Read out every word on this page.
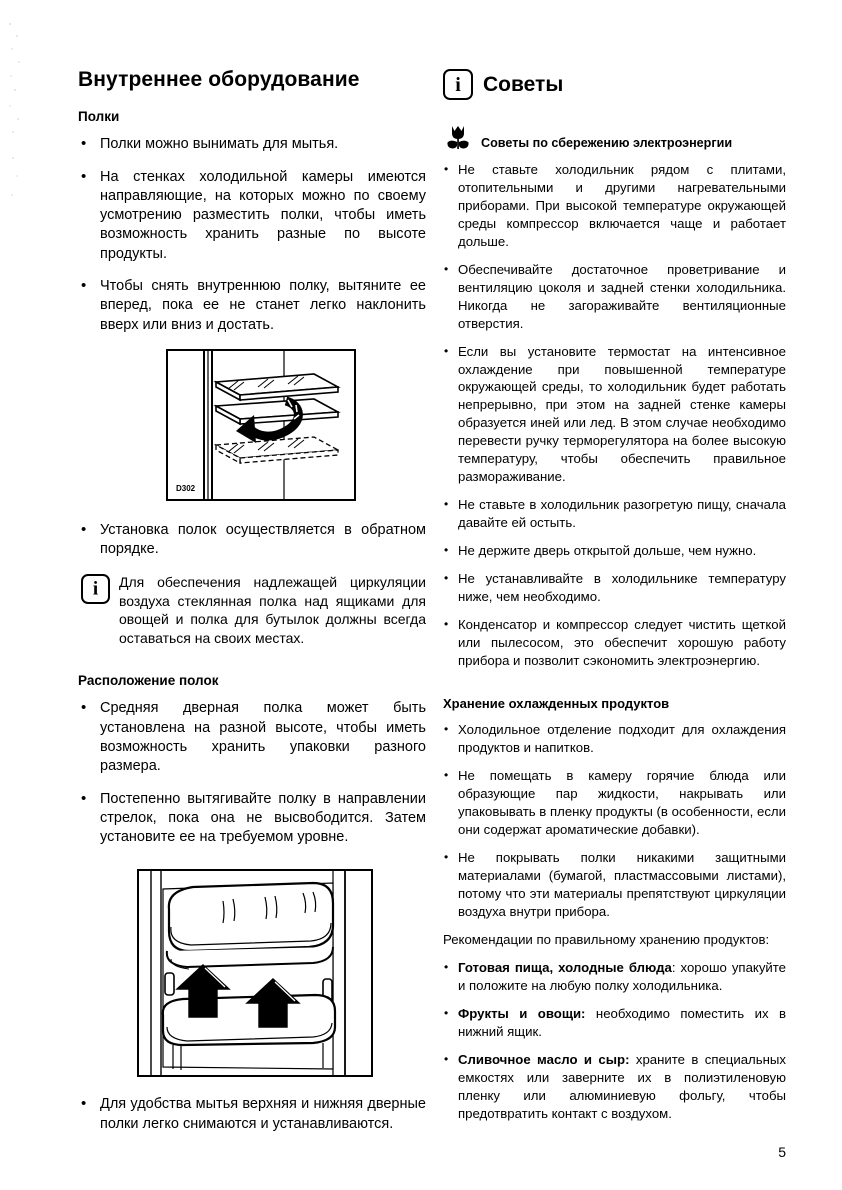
Внутреннее оборудование
Полки
• Полки можно вынимать для мытья.
• На стенках холодильной камеры имеются направляющие, на которых можно по своему усмотрению разместить полки, чтобы иметь возможность хранить разные по высоте продукты.
• Чтобы снять внутреннюю полку, вытяните ее вперед, пока ее не станет легко наклонить вверх или вниз и достать.
D302
• Установка полок осуществляется в обратном порядке.
i
Для обеспечения надлежащей циркуляции воздуха стеклянная полка над ящиками для овощей и полка для бутылок должны всегда оставаться на своих местах.
Расположение полок
• Средняя дверная полка может быть установлена на разной высоте, чтобы иметь возможность хранить упаковки разного размера.
• Постепенно вытягивайте полку в направлении стрелок, пока она не высвободится. Затем установите ее на требуемом уровне.
• Для удобства мытья верхняя и нижняя дверные полки легко снимаются и устанавливаются.
i
Советы
Советы по сбережению электроэнергии
• Не ставьте холодильник рядом с плитами, отопительными и другими нагревательными приборами. При высокой температуре окружающей среды компрессор включается чаще и работает дольше.
• Обеспечивайте достаточное проветривание и вентиляцию цоколя и задней стенки холодильника. Никогда не загораживайте вентиляционные отверстия.
• Если вы установите термостат на интенсивное охлаждение при повышенной температуре окружающей среды, то холодильник будет работать непрерывно, при этом на задней стенке камеры образуется иней или лед. В этом случае необходимо перевести ручку терморегулятора на более высокую температуру, чтобы обеспечить правильное размораживание.
• Не ставьте в холодильник разогретую пищу, сначала давайте ей остыть.
• Не держите дверь открытой дольше, чем нужно.
• Не устанавливайте в холодильнике температуру ниже, чем необходимо.
• Конденсатор и компрессор следует чистить щеткой или пылесосом, это обеспечит хорошую работу прибора и позволит сэкономить электроэнергию.
Хранение охлажденных продуктов
• Холодильное отделение подходит для охлаждения продуктов и напитков.
• Не помещать в камеру горячие блюда или образующие пар жидкости, накрывать или упаковывать в пленку продукты (в особенности, если они содержат ароматические добавки).
• Не покрывать полки никакими защитными материалами (бумагой, пластмассовыми листами), потому что эти материалы препятствуют циркуляции воздуха внутри прибора.

Рекомендации по правильному хранению продуктов:

• Готовая пища, холодные блюда: хорошо упакуйте и положите на любую полку холодильника.
• Фрукты и овощи: необходимо поместить их в нижний ящик.
• Сливочное масло и сыр: храните в специальных емкостях или заверните их в полиэтиленовую пленку или алюминиевую фольгу, чтобы предотвратить контакт с воздухом.
5
